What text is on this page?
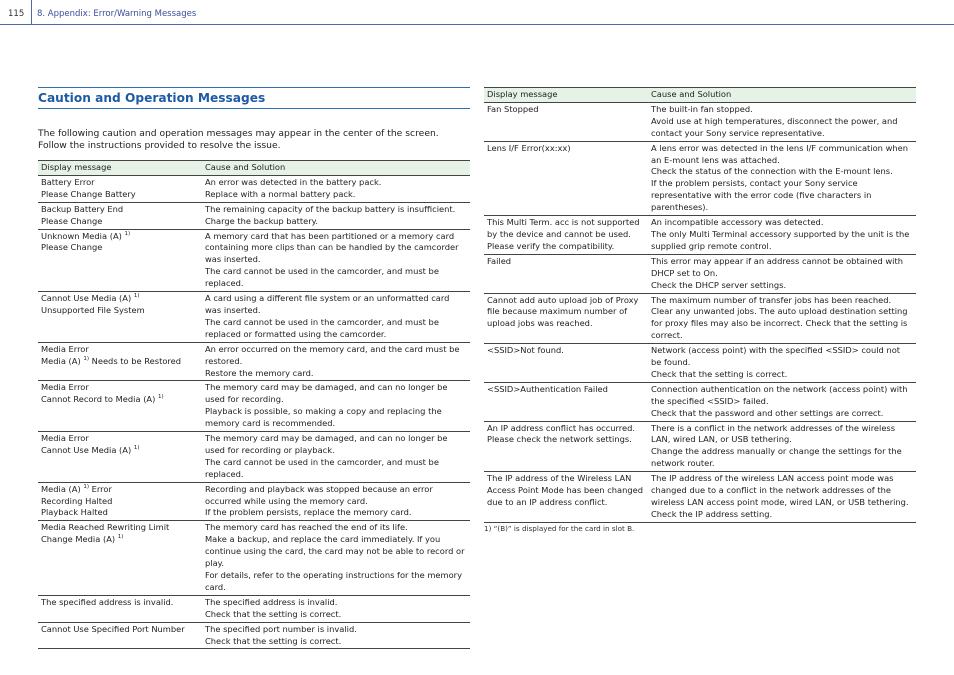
115 8. Appendix: Error/Warning Messages
Caution and Operation Messages

The following caution and operation messages may appear in the center of the screen.

Follow the instructions provided to resolve the issue.

Display message	Cause and Solution

Battery Error
Please Change Battery	An error was detected in the battery pack.
Replace with a normal battery pack.

Backup Battery End
Please Change	The remaining capacity of the backup battery is insufficient.
Charge the backup battery.

Unknown Media (A) $^{1)}$
Please Change	A memory card that has been partitioned or a memory card containing more clips than can be handled by the camcorder was inserted.
The card cannot be used in the camcorder, and must be replaced.

Cannot Use Media (A) $^{1)}$
Unsupported File System	A card using a different file system or an unformatted card was inserted.
The card cannot be used in the camcorder, and must be replaced or formatted using the camcorder.

Media Error
Media (A) $^{1)}$ Needs to be Restored	An error occurred on the memory card, and the card must be restored.
Restore the memory card.

Media Error
Cannot Record to Media (A) $^{1)}$	The memory card may be damaged, and can no longer be used for recording.
Playback is possible, so making a copy and replacing the memory card is recommended.

Media Error
Cannot Use Media (A) $^{1)}$	The memory card may be damaged, and can no longer be used for recording or playback.
The card cannot be used in the camcorder, and must be replaced.

Media (A) $^{1)}$ Error
Recording Halted
Playback Halted	Recording and playback was stopped because an error occurred while using the memory card.
If the problem persists, replace the memory card.

Media Reached Rewriting Limit
Change Media (A) $^{1)}$	The memory card has reached the end of its life.
Make a backup, and replace the card immediately. If you continue using the card, the card may not be able to record or play.
For details, refer to the operating instructions for the memory card.

The specified address is invalid.	The specified address is invalid.
Check that the setting is correct.

Cannot Use Specified Port Number	The specified port number is invalid.
Check that the setting is correct.
Display message	Cause and Solution

Fan Stopped	The built-in fan stopped.
Avoid use at high temperatures, disconnect the power, and contact your Sony service representative.

Lens I/F Error(xx:xx)	A lens error was detected in the lens I/F communication when an E-mount lens was attached.
Check the status of the connection with the E-mount lens.
If the problem persists, contact your Sony service representative with the error code (five characters in parentheses).

This Multi Term. acc is not supported by the device and cannot be used. Please verify the compatibility.	An incompatible accessory was detected.
The only Multi Terminal accessory supported by the unit is the supplied grip remote control.

Failed	This error may appear if an address cannot be obtained with DHCP set to On.
Check the DHCP server settings.

Cannot add auto upload job of Proxy file because maximum number of upload jobs was reached.	The maximum number of transfer jobs has been reached. Clear any unwanted jobs. The auto upload destination setting for proxy files may also be incorrect. Check that the setting is correct.

<SSID>Not found.	Network (access point) with the specified <SSID> could not be found.
Check that the setting is correct.

<SSID>Authentication Failed	Connection authentication on the network (access point) with the specified <SSID> failed.
Check that the password and other settings are correct.

An IP address conflict has occurred. Please check the network settings.	There is a conflict in the network addresses of the wireless LAN, wired LAN, or USB tethering.
Change the address manually or change the settings for the network router.

The IP address of the Wireless LAN Access Point Mode has been changed due to an IP address conflict.	The IP address of the wireless LAN access point mode was changed due to a conflict in the network addresses of the wireless LAN access point mode, wired LAN, or USB tethering. Check the IP address setting.
1) “(B)” is displayed for the card in slot B.
